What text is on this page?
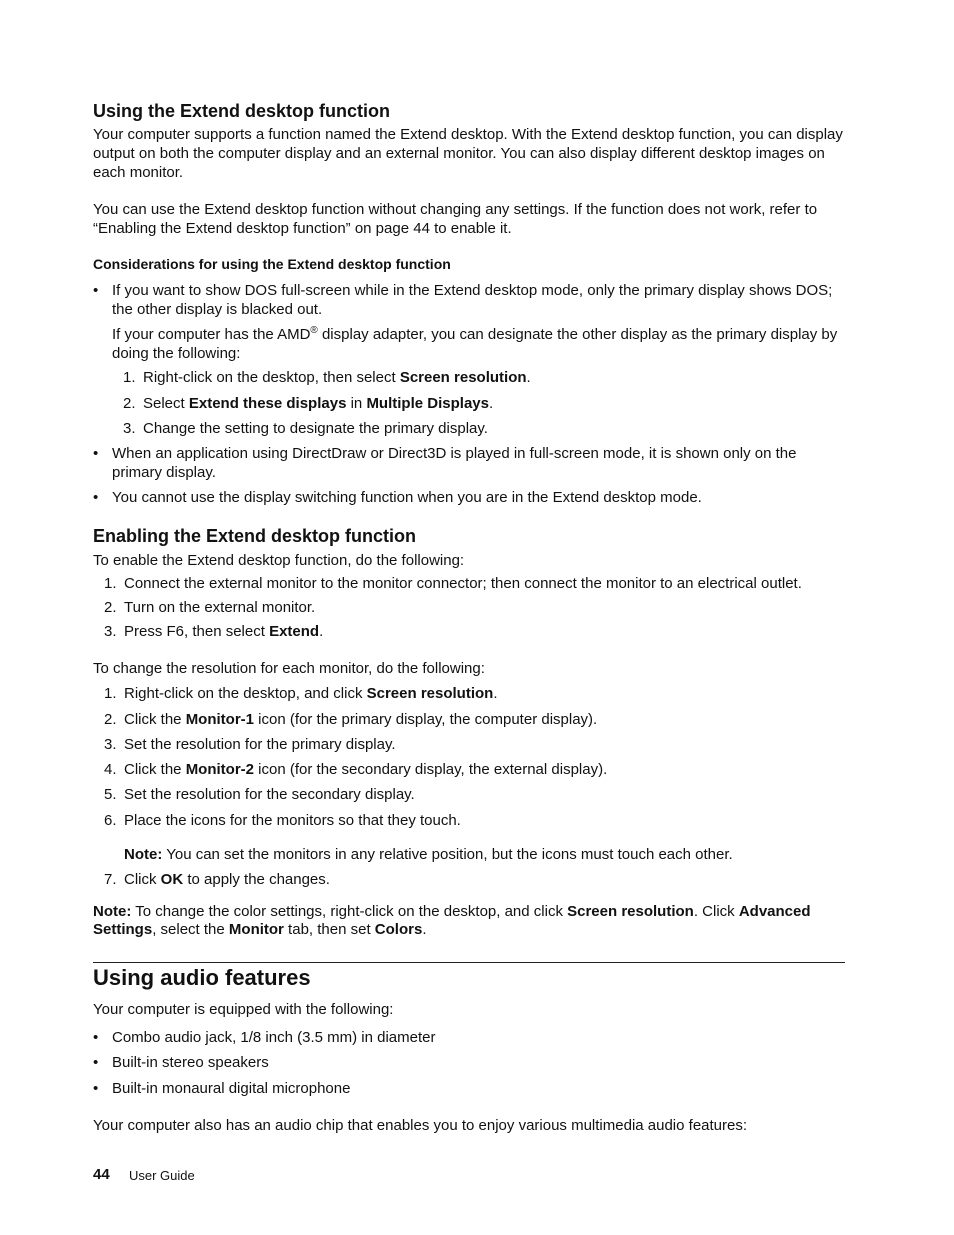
Using the Extend desktop function
Your computer supports a function named the Extend desktop. With the Extend desktop function, you can display output on both the computer display and an external monitor. You can also display different desktop images on each monitor.
You can use the Extend desktop function without changing any settings. If the function does not work, refer to “Enabling the Extend desktop function” on page 44 to enable it.
Considerations for using the Extend desktop function
• If you want to show DOS full-screen while in the Extend desktop mode, only the primary display shows DOS; the other display is blacked out.
If your computer has the AMD® display adapter, you can designate the other display as the primary display by doing the following:
1. Right-click on the desktop, then select Screen resolution.
2. Select Extend these displays in Multiple Displays.
3. Change the setting to designate the primary display.
• When an application using DirectDraw or Direct3D is played in full-screen mode, it is shown only on the primary display.
• You cannot use the display switching function when you are in the Extend desktop mode.
Enabling the Extend desktop function
To enable the Extend desktop function, do the following:
1. Connect the external monitor to the monitor connector; then connect the monitor to an electrical outlet.
2. Turn on the external monitor.
3. Press F6, then select Extend.
To change the resolution for each monitor, do the following:
1. Right-click on the desktop, and click Screen resolution.
2. Click the Monitor-1 icon (for the primary display, the computer display).
3. Set the resolution for the primary display.
4. Click the Monitor-2 icon (for the secondary display, the external display).
5. Set the resolution for the secondary display.
6. Place the icons for the monitors so that they touch.
Note: You can set the monitors in any relative position, but the icons must touch each other.
7. Click OK to apply the changes.
Note: To change the color settings, right-click on the desktop, and click Screen resolution. Click Advanced Settings, select the Monitor tab, then set Colors.
Using audio features
Your computer is equipped with the following:
• Combo audio jack, 1/8 inch (3.5 mm) in diameter
• Built-in stereo speakers
• Built-in monaural digital microphone
Your computer also has an audio chip that enables you to enjoy various multimedia audio features:
44 User Guide
